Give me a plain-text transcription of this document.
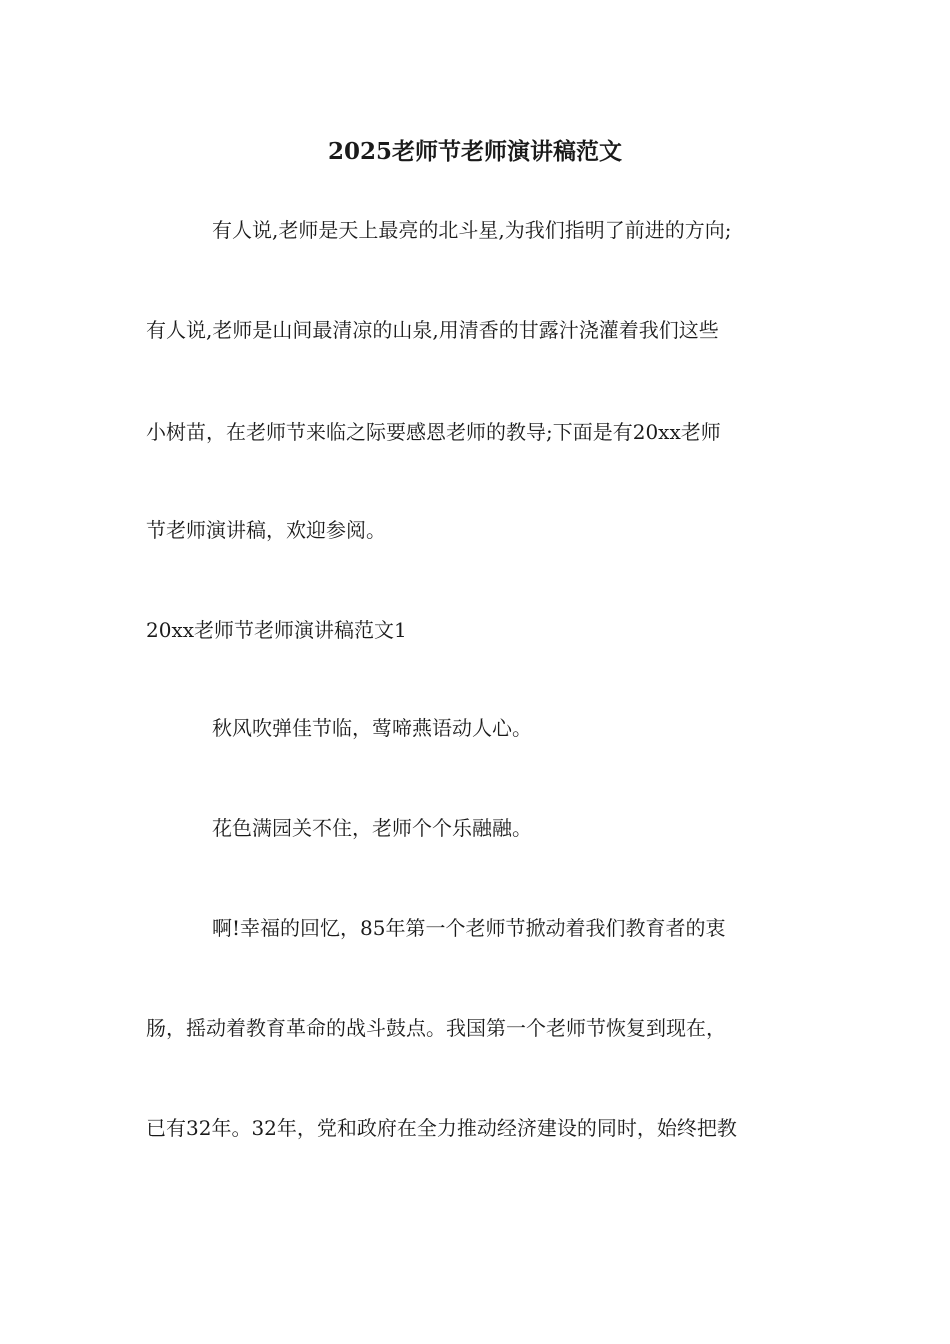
2025老师节老师演讲稿范文
有人说,老师是天上最亮的北斗星,为我们指明了前进的方向;
有人说,老师是山间最清凉的山泉,用清香的甘露汁浇灌着我们这些
小树苗，在老师节来临之际要感恩老师的教导;下面是有20xx老师
节老师演讲稿，欢迎参阅。
20xx老师节老师演讲稿范文1
秋风吹弹佳节临，莺啼燕语动人心。
花色满园关不住，老师个个乐融融。
啊!幸福的回忆，85年第一个老师节掀动着我们教育者的衷
肠，摇动着教育革命的战斗鼓点。我国第一个老师节恢复到现在，
已有32年。32年，党和政府在全力推动经济建设的同时，始终把教
